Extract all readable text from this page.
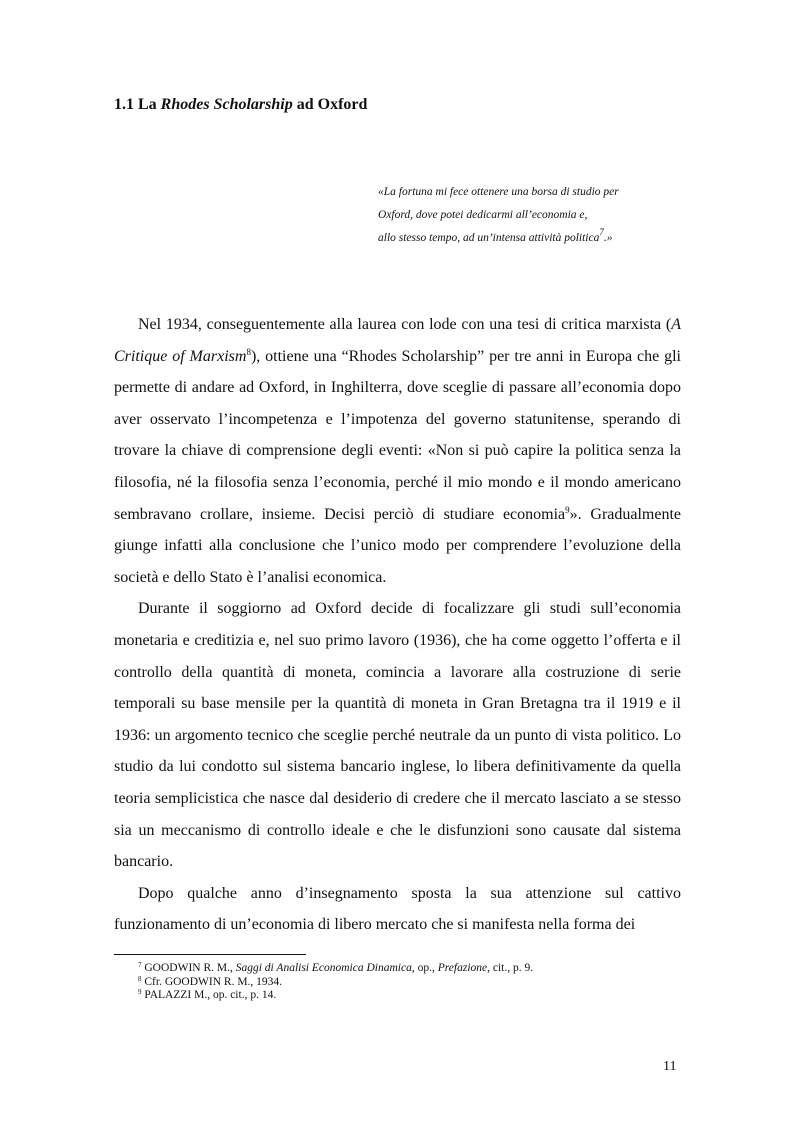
1.1 La Rhodes Scholarship ad Oxford
«La fortuna mi fece ottenere una borsa di studio per
Oxford, dove potei dedicarmi all’economia e,
allo stesso tempo, ad un’intensa attività politica$^7$.»

Nel 1934, conseguentemente alla laurea con lode con una tesi di critica marxista (A Critique of Marxism$^8$), ottiene una “Rhodes Scholarship” per tre anni in Europa che gli permette di andare ad Oxford, in Inghilterra, dove sceglie di passare all’economia dopo aver osservato l’incompetenza e l’impotenza del governo statunitense, sperando di trovare la chiave di comprensione degli eventi: «Non si può capire la politica senza la filosofia, né la filosofia senza l’economia, perché il mio mondo e il mondo americano sembravano crollare, insieme. Decisi perciò di studiare economia$^9$». Gradualmente giunge infatti alla conclusione che l’unico modo per comprendere l’evoluzione della società e dello Stato è l’analisi economica.

Durante il soggiorno ad Oxford decide di focalizzare gli studi sull’economia monetaria e creditizia e, nel suo primo lavoro (1936), che ha come oggetto l’offerta e il controllo della quantità di moneta, comincia a lavorare alla costruzione di serie temporali su base mensile per la quantità di moneta in Gran Bretagna tra il 1919 e il 1936: un argomento tecnico che sceglie perché neutrale da un punto di vista politico. Lo studio da lui condotto sul sistema bancario inglese, lo libera definitivamente da quella teoria semplicistica che nasce dal desiderio di credere che il mercato lasciato a se stesso sia un meccanismo di controllo ideale e che le disfunzioni sono causate dal sistema bancario.

Dopo qualche anno d’insegnamento sposta la sua attenzione sul cattivo funzionamento di un’economia di libero mercato che si manifesta nella forma dei

$^7$ GOODWIN R. M., Saggi di Analisi Economica Dinamica, op., Prefazione, cit., p. 9.
$^8$ Cfr. GOODWIN R. M., 1934.
$^9$ PALAZZI M., op. cit., p. 14.
11
